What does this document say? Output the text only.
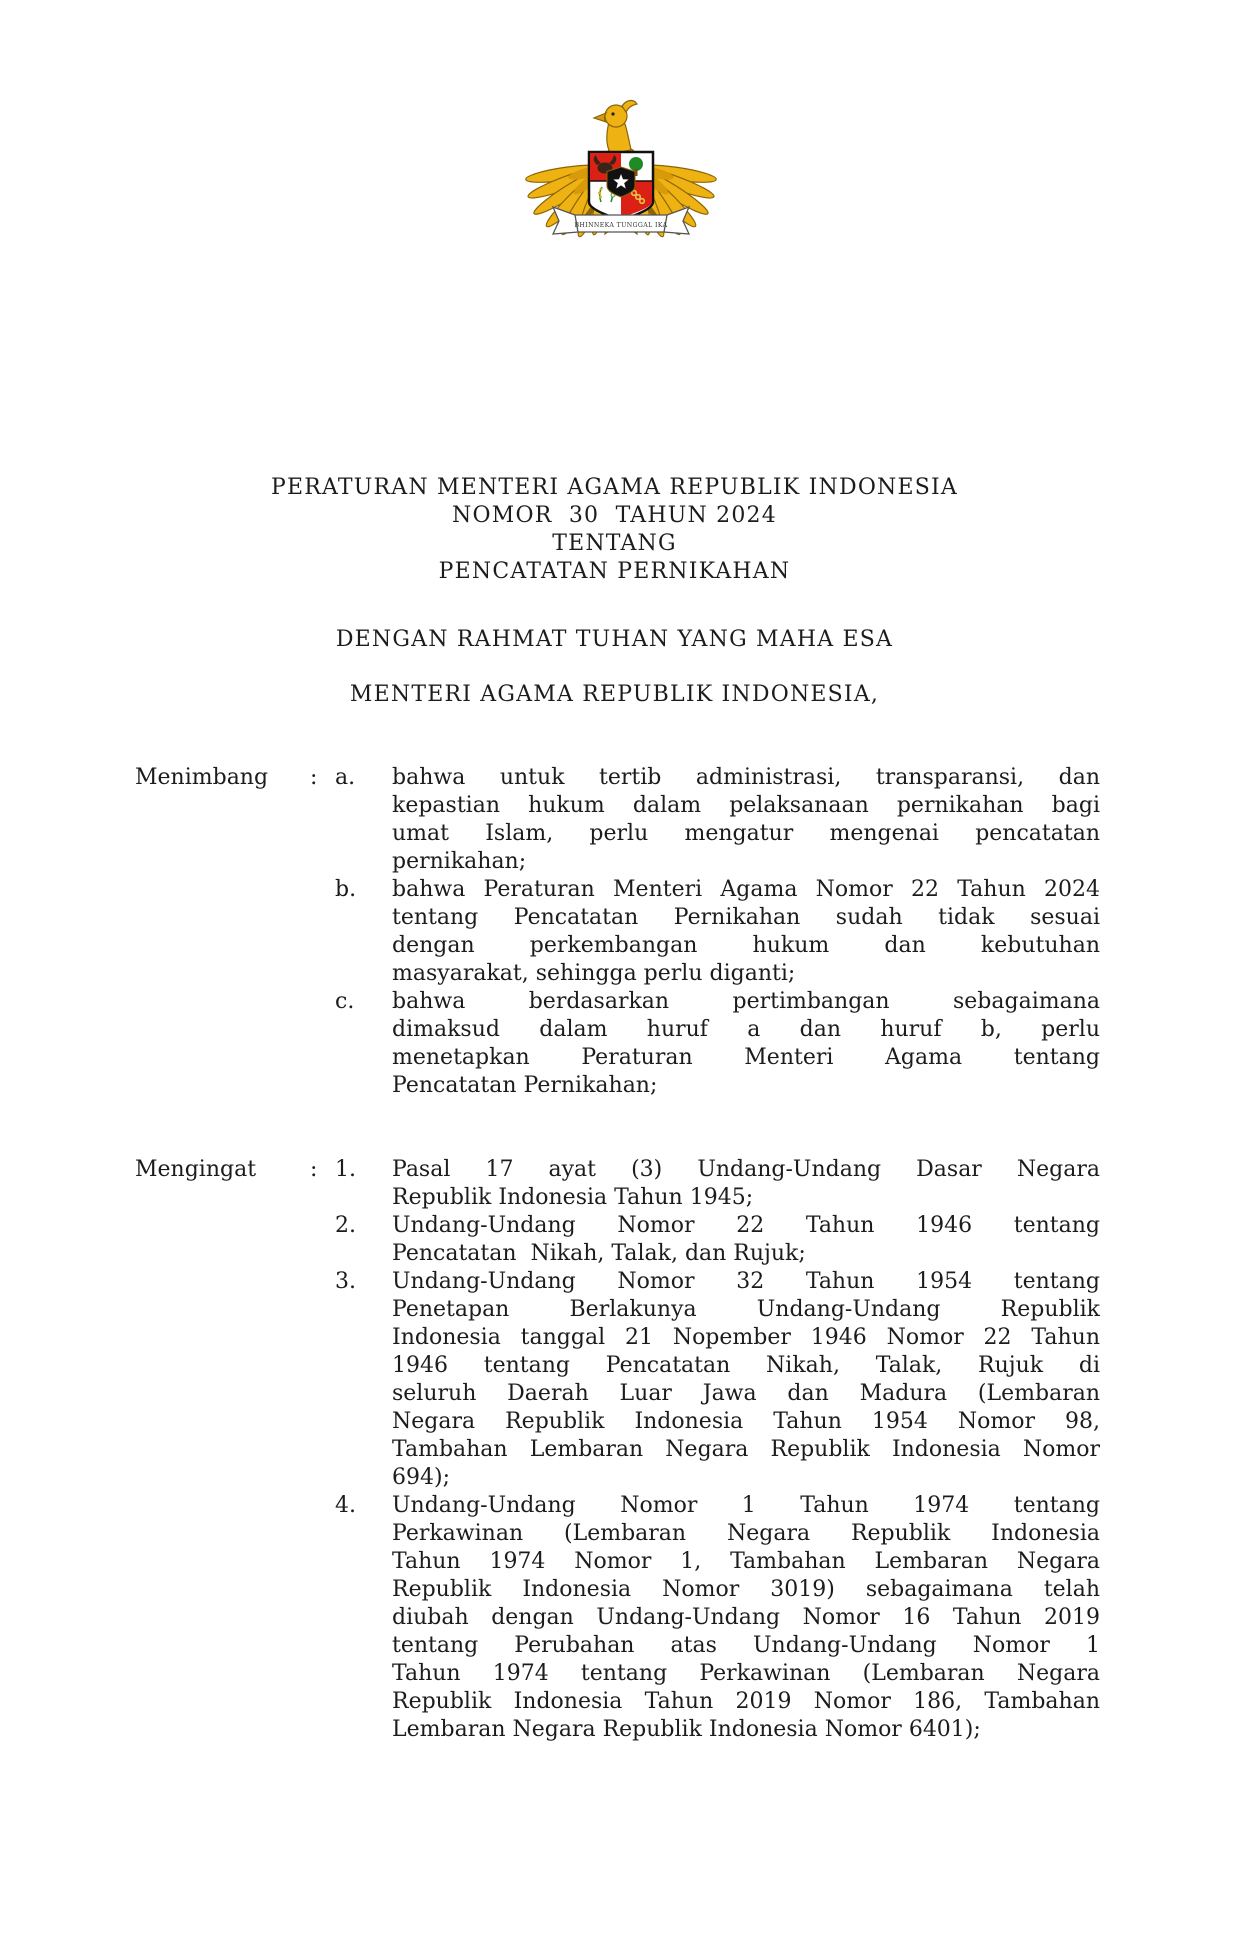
BHINNEKA TUNGGAL IKA
PERATURAN MENTERI AGAMA REPUBLIK INDONESIA
NOMOR  30  TAHUN 2024
TENTANG
PENCATATAN PERNIKAHAN
DENGAN RAHMAT TUHAN YANG MAHA ESA
MENTERI AGAMA REPUBLIK INDONESIA,
Menimbang	: a.	bahwa untuk tertib administrasi, transparansi, dan
kepastian hukum dalam pelaksanaan pernikahan bagi
umat Islam, perlu mengatur mengenai pencatatan
pernikahan;
b.	bahwa Peraturan Menteri Agama Nomor 22 Tahun 2024
tentang Pencatatan Pernikahan sudah tidak sesuai
dengan perkembangan hukum dan kebutuhan
masyarakat, sehingga perlu diganti;
c.	bahwa berdasarkan pertimbangan sebagaimana
dimaksud dalam huruf a dan huruf b, perlu
menetapkan Peraturan Menteri Agama tentang
Pencatatan Pernikahan;
Mengingat	: 1.	Pasal 17 ayat (3) Undang-Undang Dasar Negara
Republik Indonesia Tahun 1945;
2.	Undang-Undang Nomor 22 Tahun 1946 tentang
Pencatatan  Nikah, Talak, dan Rujuk;
3.	Undang-Undang Nomor 32 Tahun 1954 tentang
Penetapan Berlakunya Undang-Undang Republik
Indonesia tanggal 21 Nopember 1946 Nomor 22 Tahun
1946 tentang Pencatatan Nikah, Talak, Rujuk di
seluruh Daerah Luar Jawa dan Madura (Lembaran
Negara Republik Indonesia Tahun 1954 Nomor 98,
Tambahan Lembaran Negara Republik Indonesia Nomor
694);
4.	Undang-Undang Nomor 1 Tahun 1974 tentang
Perkawinan (Lembaran Negara Republik Indonesia
Tahun 1974 Nomor 1, Tambahan Lembaran Negara
Republik Indonesia Nomor 3019) sebagaimana telah
diubah dengan Undang-Undang Nomor 16 Tahun 2019
tentang Perubahan atas Undang-Undang Nomor 1
Tahun 1974 tentang Perkawinan (Lembaran Negara
Republik Indonesia Tahun 2019 Nomor 186, Tambahan
Lembaran Negara Republik Indonesia Nomor 6401);
